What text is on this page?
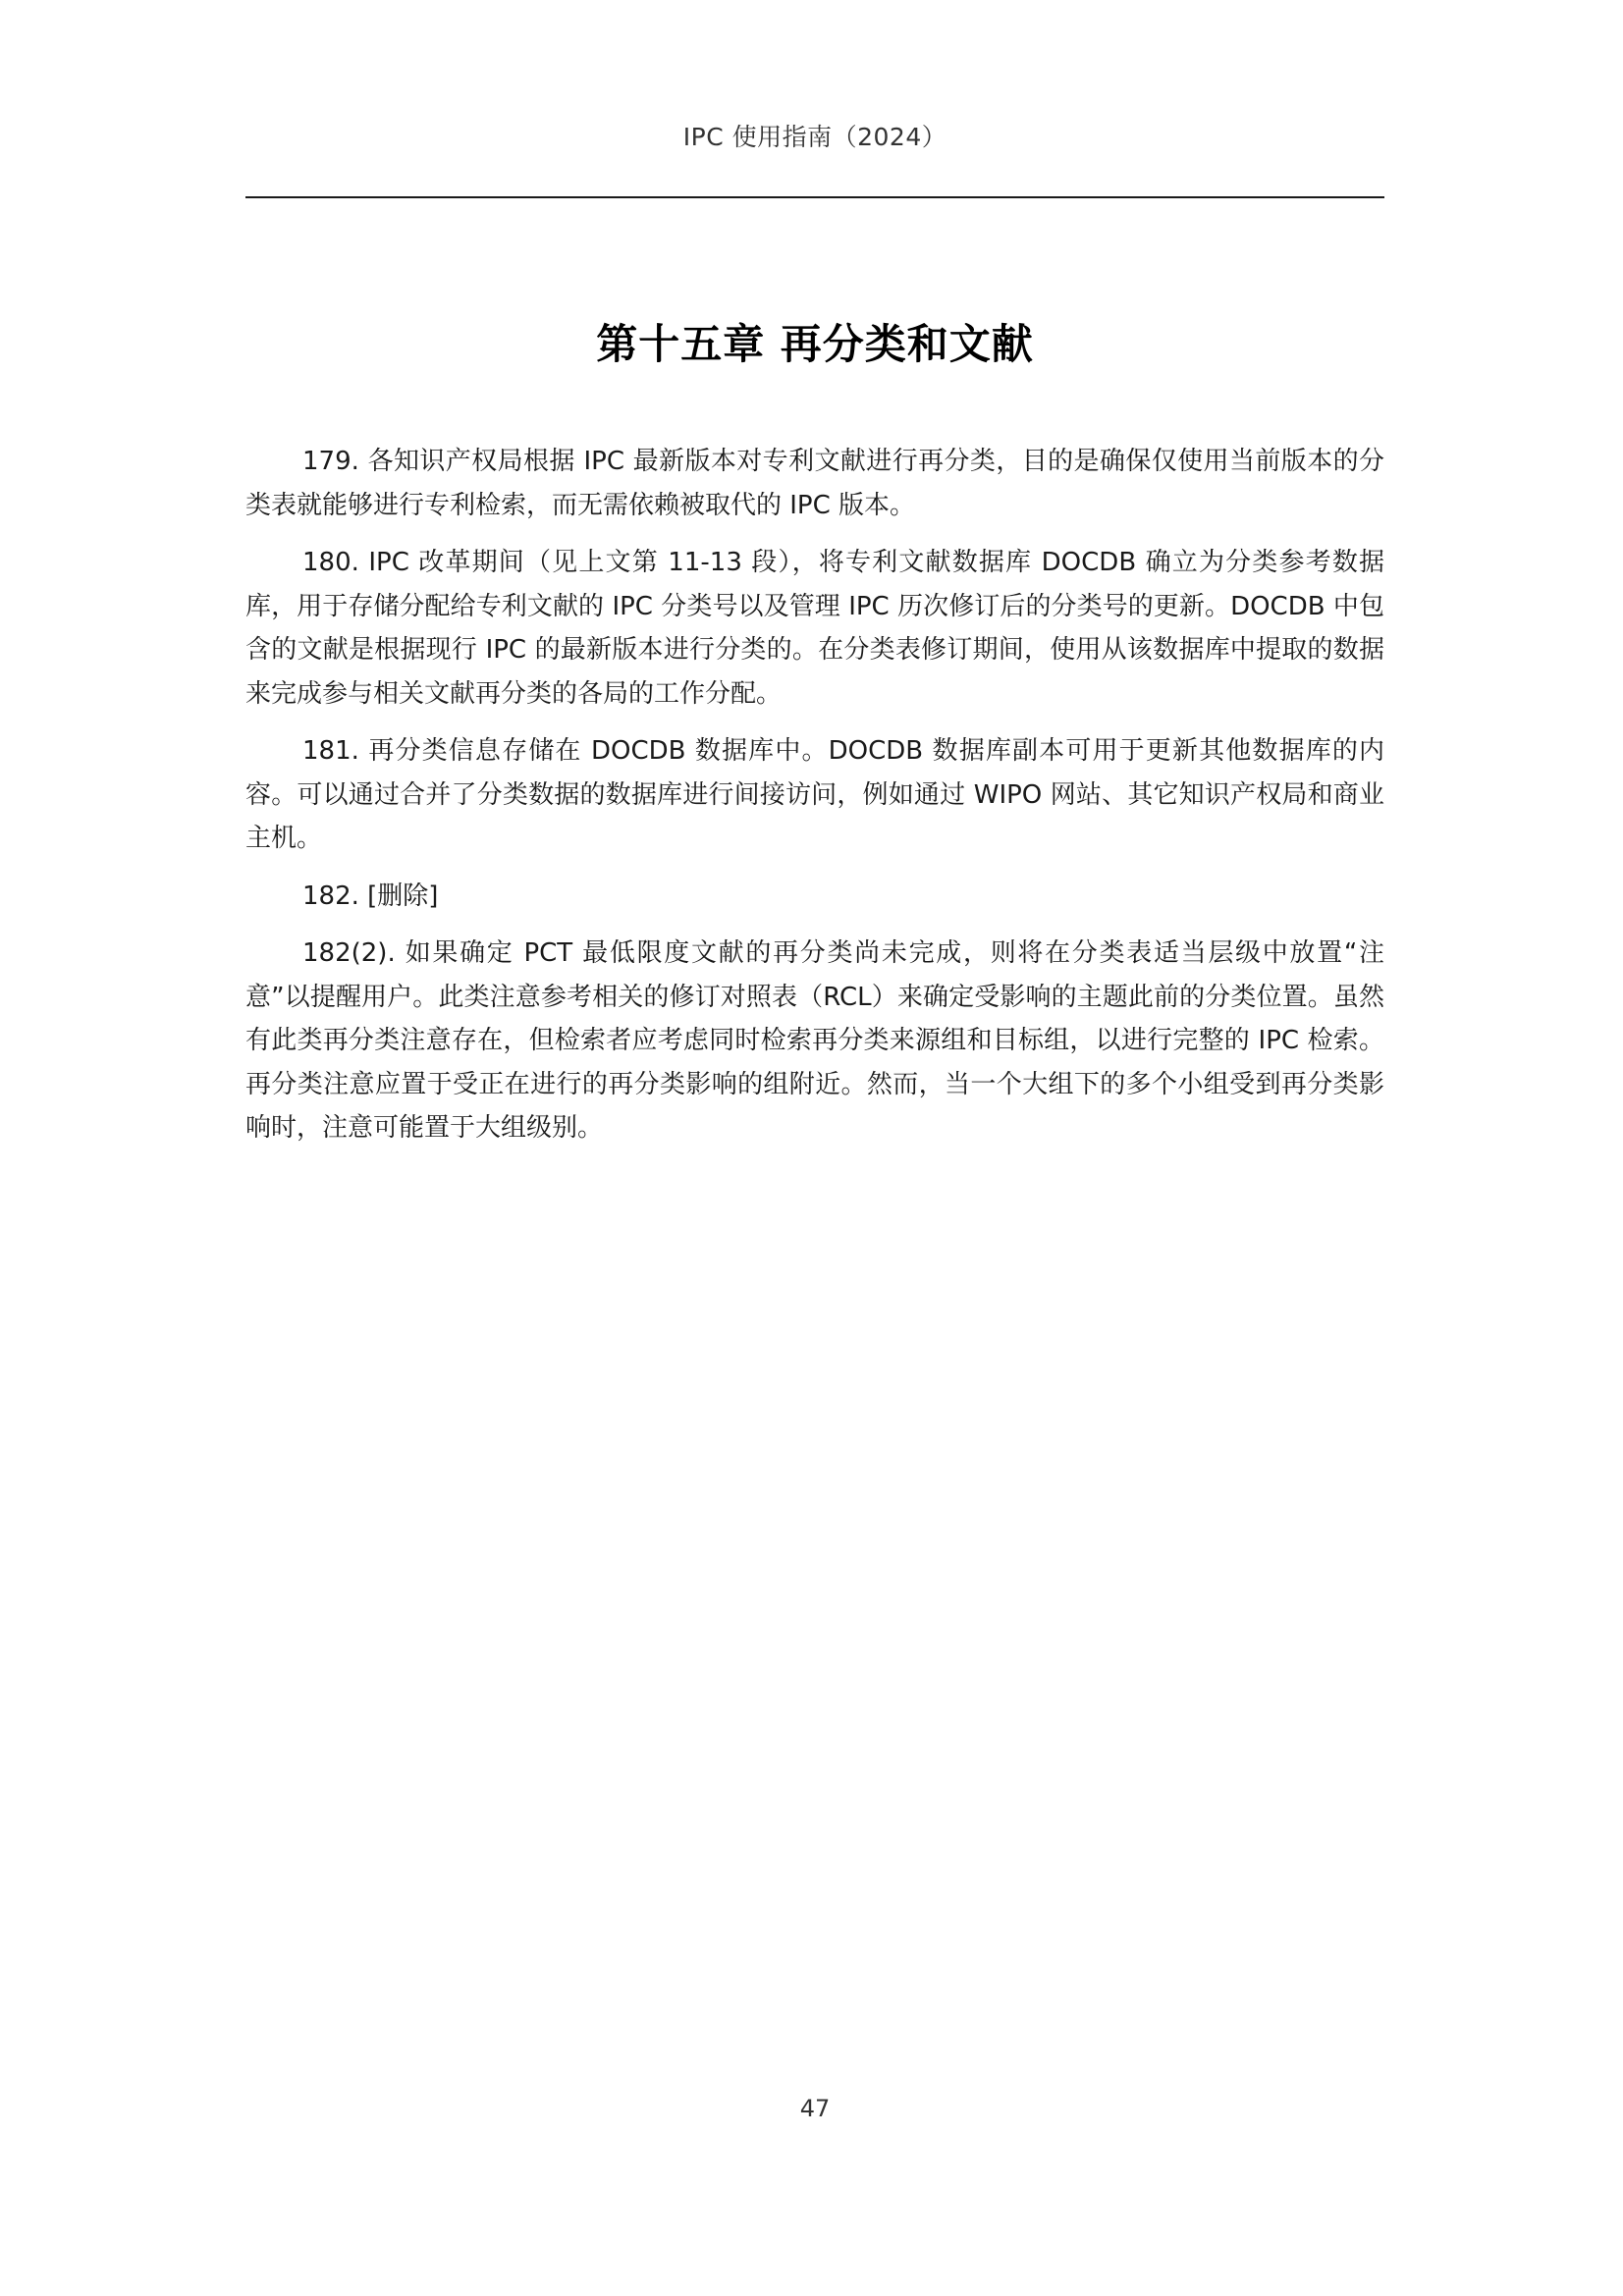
IPC 使用指南（2024）
第十五章 再分类和文献

179. 各知识产权局根据 IPC 最新版本对专利文献进行再分类，目的是确保仅使用当前版本的分类表就能够进行专利检索，而无需依赖被取代的 IPC 版本。

180. IPC 改革期间（见上文第 11-13 段），将专利文献数据库 DOCDB 确立为分类参考数据库，用于存储分配给专利文献的 IPC 分类号以及管理 IPC 历次修订后的分类号的更新。DOCDB 中包含的文献是根据现行 IPC 的最新版本进行分类的。在分类表修订期间，使用从该数据库中提取的数据来完成参与相关文献再分类的各局的工作分配。

181. 再分类信息存储在 DOCDB 数据库中。DOCDB 数据库副本可用于更新其他数据库的内容。可以通过合并了分类数据的数据库进行间接访问，例如通过 WIPO 网站、其它知识产权局和商业主机。

182. [删除]

182(2). 如果确定 PCT 最低限度文献的再分类尚未完成，则将在分类表适当层级中放置“注意”以提醒用户。此类注意参考相关的修订对照表（RCL）来确定受影响的主题此前的分类位置。虽然有此类再分类注意存在，但检索者应考虑同时检索再分类来源组和目标组，以进行完整的 IPC 检索。再分类注意应置于受正在进行的再分类影响的组附近。然而，当一个大组下的多个小组受到再分类影响时，注意可能置于大组级别。

47
